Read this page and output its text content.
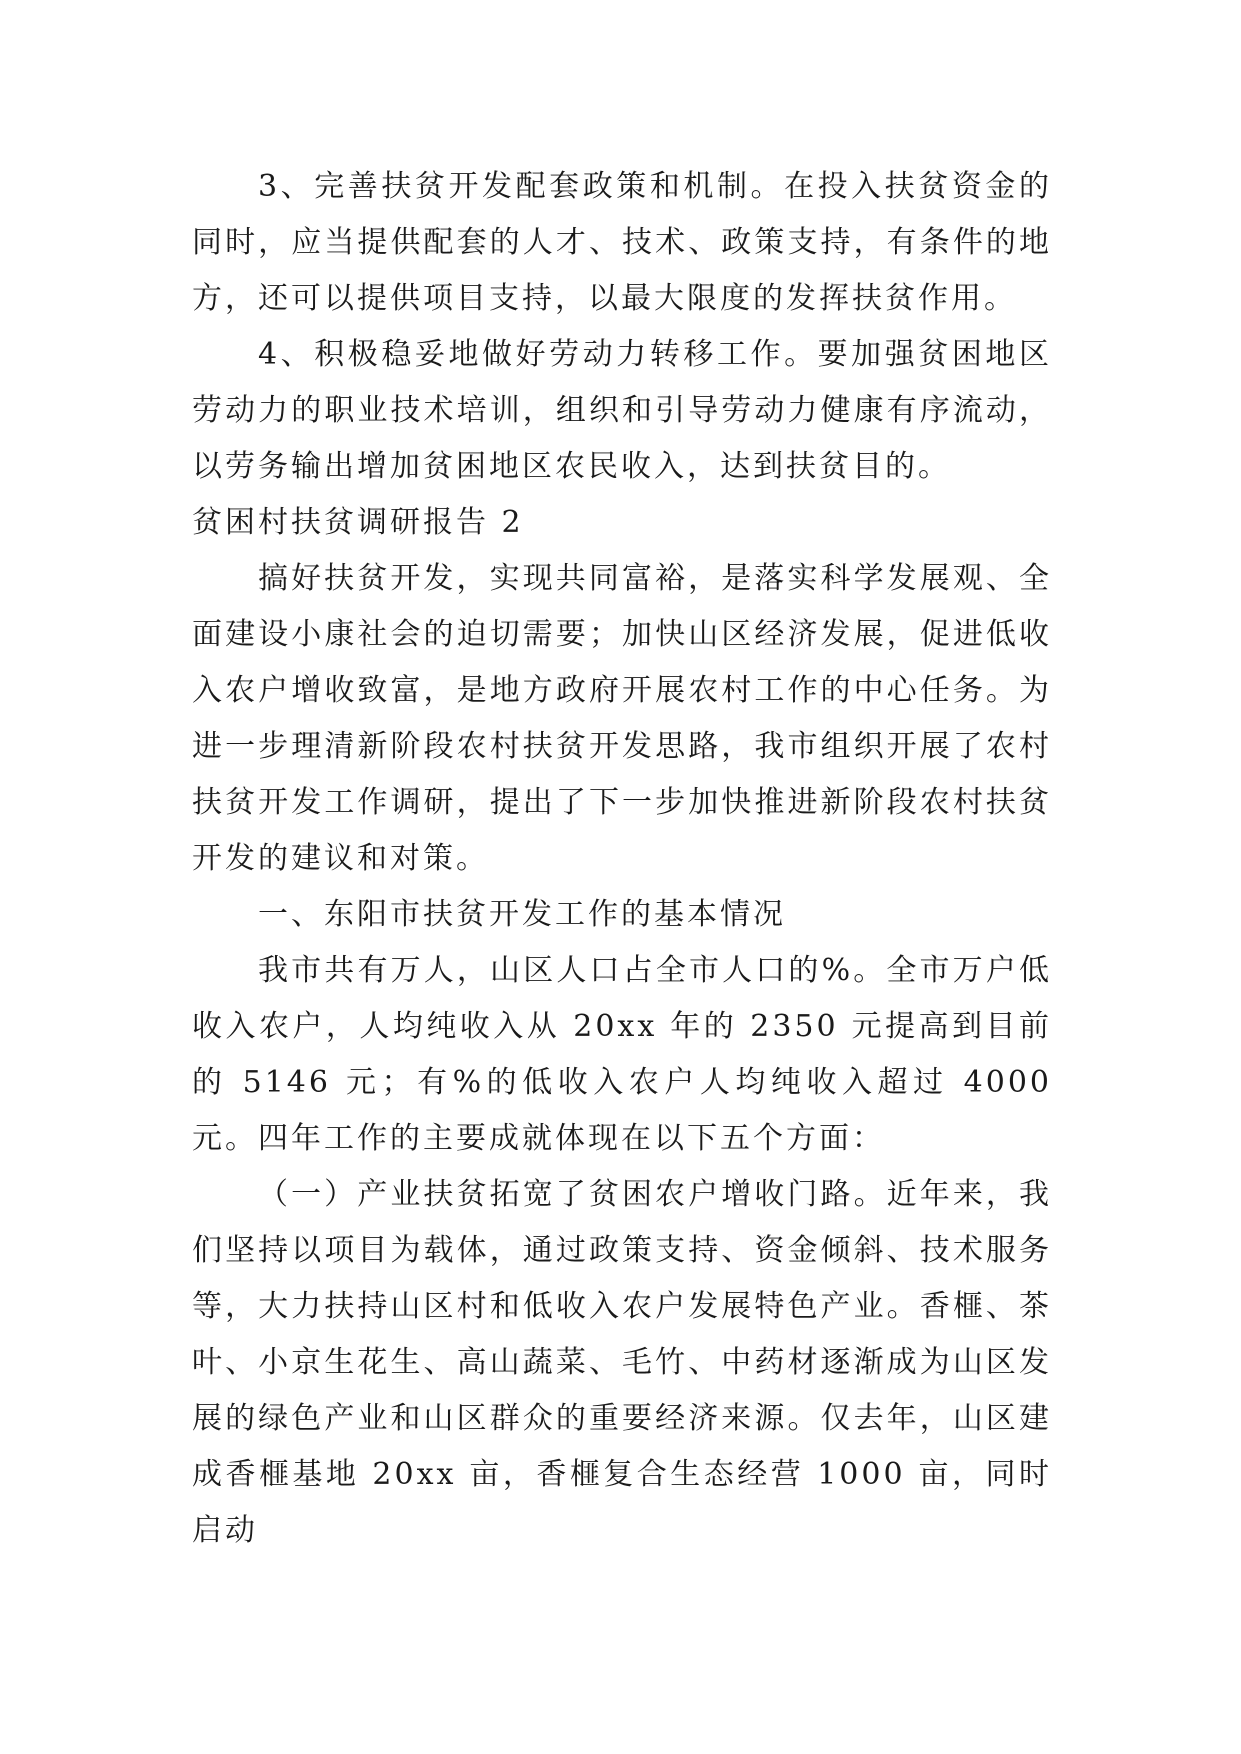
3、完善扶贫开发配套政策和机制。在投入扶贫资金的同时，应当提供配套的人才、技术、政策支持，有条件的地方，还可以提供项目支持，以最大限度的发挥扶贫作用。

4、积极稳妥地做好劳动力转移工作。要加强贫困地区劳动力的职业技术培训，组织和引导劳动力健康有序流动，以劳务输出增加贫困地区农民收入，达到扶贫目的。

贫困村扶贫调研报告 2

搞好扶贫开发，实现共同富裕，是落实科学发展观、全面建设小康社会的迫切需要；加快山区经济发展，促进低收入农户增收致富，是地方政府开展农村工作的中心任务。为进一步理清新阶段农村扶贫开发思路，我市组织开展了农村扶贫开发工作调研，提出了下一步加快推进新阶段农村扶贫开发的建议和对策。

一、东阳市扶贫开发工作的基本情况

我市共有万人，山区人口占全市人口的%。全市万户低收入农户，人均纯收入从 20xx 年的 2350 元提高到目前的 5146 元；有%的低收入农户人均纯收入超过 4000 元。四年工作的主要成就体现在以下五个方面：

（一）产业扶贫拓宽了贫困农户增收门路。近年来，我们坚持以项目为载体，通过政策支持、资金倾斜、技术服务等，大力扶持山区村和低收入农户发展特色产业。香榧、茶叶、小京生花生、高山蔬菜、毛竹、中药材逐渐成为山区发展的绿色产业和山区群众的重要经济来源。仅去年，山区建成香榧基地 20xx 亩，香榧复合生态经营 1000 亩，同时启动
